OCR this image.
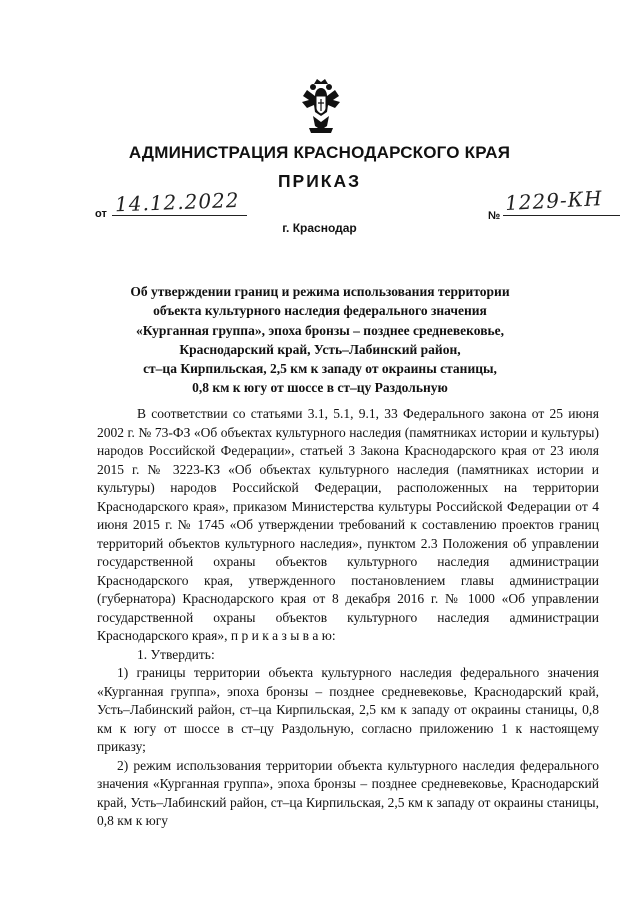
АДМИНИСТРАЦИЯ КРАСНОДАРСКОГО КРАЯ
ПРИКАЗ
от 14.12.2022	№
1229-КН
г. Краснодар
Об утверждении границ и режима использования территории
объекта культурного наследия федерального значения
«Курганная группа», эпоха бронзы – позднее средневековье,
Краснодарский край, Усть–Лабинский район,
ст–ца Кирпильская, 2,5 км к западу от окраины станицы,
0,8 км к югу от шоссе в ст–цу Раздольную

В соответствии со статьями 3.1, 5.1, 9.1, 33 Федерального закона от 25 июня 2002 г. № 73-ФЗ «Об объектах культурного наследия (памятниках истории и культуры) народов Российской Федерации», статьей 3 Закона Краснодарского края от 23 июля 2015 г. № 3223-КЗ «Об объектах культурного наследия (памятниках истории и культуры) народов Российской Федерации, расположенных на территории Краснодарского края», приказом Министерства культуры Российской Федерации от 4 июня 2015 г. № 1745 «Об утверждении требований к составлению проектов границ территорий объектов культурного наследия», пунктом 2.3 Положения об управлении государственной охраны объектов культурного наследия администрации Краснодарского края, утвержденного постановлением главы администрации (губернатора) Краснодарского края от 8 декабря 2016 г. № 1000 «Об управлении государственной охраны объектов культурного наследия администрации Краснодарского края», п р и к а з ы в а ю:

1. Утвердить:

1) границы территории объекта культурного наследия федерального значения «Курганная группа», эпоха бронзы – позднее средневековье, Краснодарский край, Усть–Лабинский район, ст–ца Кирпильская, 2,5 км к западу от окраины станицы, 0,8 км к югу от шоссе в ст–цу Раздольную, согласно приложению 1 к настоящему приказу;

2) режим использования территории объекта культурного наследия федерального значения «Курганная группа», эпоха бронзы – позднее средневековье, Краснодарский край, Усть–Лабинский район, ст–ца Кирпильская, 2,5 км к западу от окраины станицы, 0,8 км к югу
